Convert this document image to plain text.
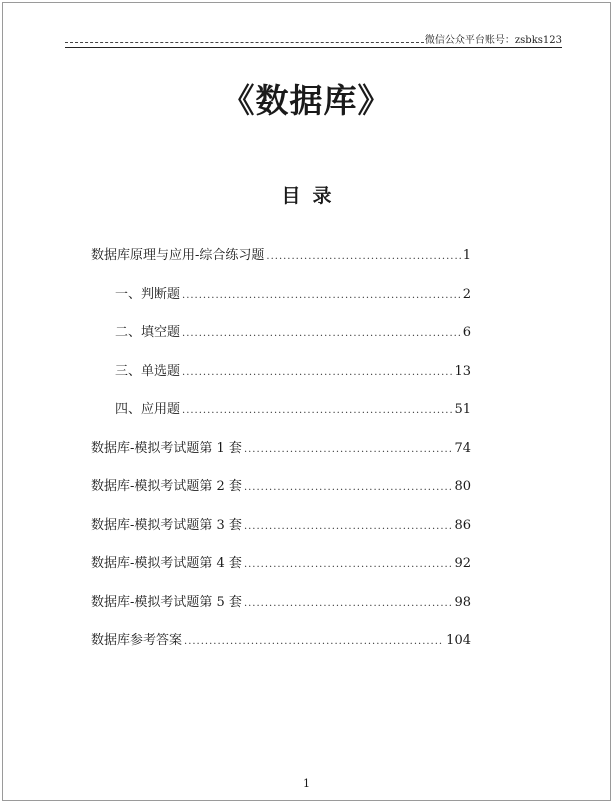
微信公众平台账号：zsbks123
《数据库》
目录
数据库原理与应用-综合练习题 .....	1
一、判断题 .....	2
二、填空题 .....	6
三、单选题 .....	13
四、应用题 .....	51
数据库-模拟考试题第 1 套 .....	74
数据库-模拟考试题第 2 套 .....	80
数据库-模拟考试题第 3 套 .....	86
数据库-模拟考试题第 4 套 .....	92
数据库-模拟考试题第 5 套 .....	98
数据库参考答案 .....	104
1
